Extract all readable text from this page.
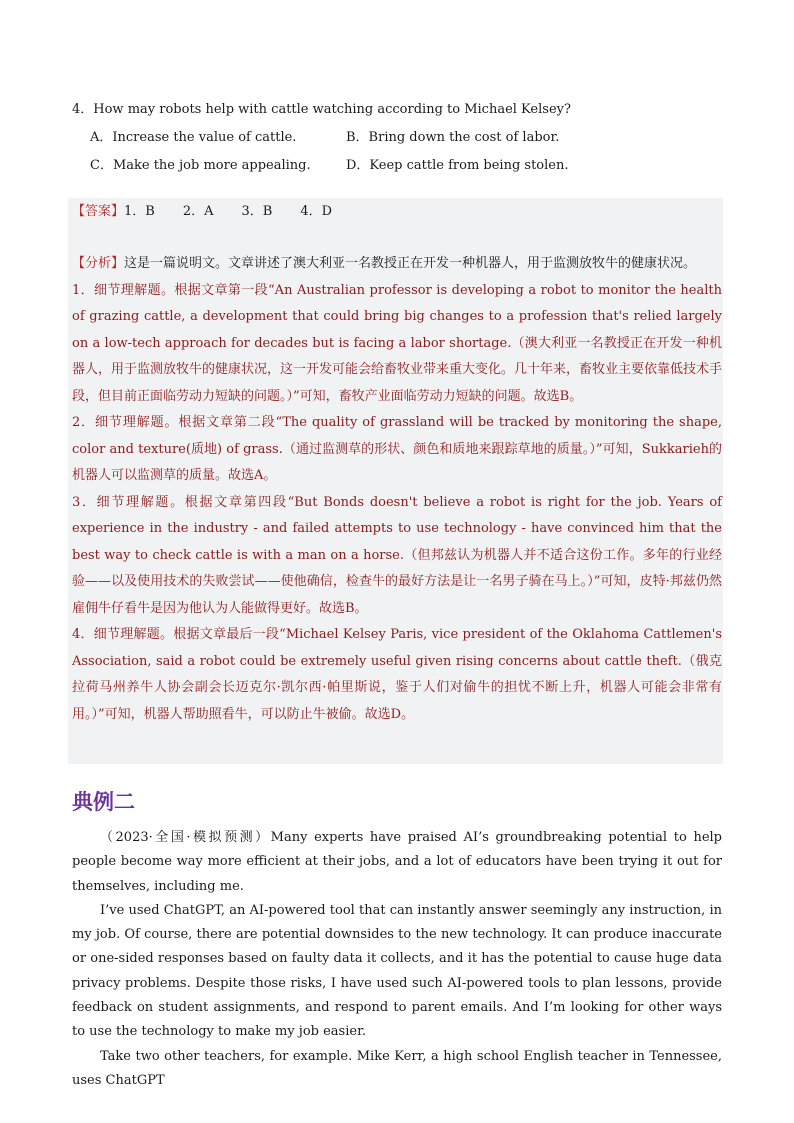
4．How may robots help with cattle watching according to Michael Kelsey?

A．Increase the value of cattle.	B．Bring down the cost of labor.
C．Make the job more appealing.	D．Keep cattle from being stolen.
【答案】1．B 2．A 3．B 4．D

【分析】这是一篇说明文。文章讲述了澳大利亚一名教授正在开发一种机器人，用于监测放牧牛的健康状况。

1．细节理解题。根据文章第一段“An Australian professor is developing a robot to monitor the health of grazing cattle, a development that could bring big changes to a profession that's relied largely on a low-tech approach for decades but is facing a labor shortage.（澳大利亚一名教授正在开发一种机器人，用于监测放牧牛的健康状况，这一开发可能会给畜牧业带来重大变化。几十年来，畜牧业主要依靠低技术手段，但目前正面临劳动力短缺的问题。）”可知，畜牧产业面临劳动力短缺的问题。故选B。

2．细节理解题。根据文章第二段“The quality of grassland will be tracked by monitoring the shape, color and texture(质地) of grass.（通过监测草的形状、颜色和质地来跟踪草地的质量。）”可知，Sukkarieh的机器人可以监测草的质量。故选A。

3．细节理解题。根据文章第四段“But Bonds doesn't believe a robot is right for the job. Years of experience in the industry - and failed attempts to use technology - have convinced him that the best way to check cattle is with a man on a horse.（但邦兹认为机器人并不适合这份工作。多年的行业经验——以及使用技术的失败尝试——使他确信，检查牛的最好方法是让一名男子骑在马上。）”可知，皮特·邦兹仍然雇佣牛仔看牛是因为他认为人能做得更好。故选B。

4．细节理解题。根据文章最后一段“Michael Kelsey Paris, vice president of the Oklahoma Cattlemen's Association, said a robot could be extremely useful given rising concerns about cattle theft.（俄克拉荷马州养牛人协会副会长迈克尔·凯尔西·帕里斯说，鉴于人们对偷牛的担忧不断上升，机器人可能会非常有用。）”可知，机器人帮助照看牛，可以防止牛被偷。故选D。

典例二

（2023·全国·模拟预测）Many experts have praised AI’s groundbreaking potential to help people become way more efficient at their jobs, and a lot of educators have been trying it out for themselves, including me.

I’ve used ChatGPT, an AI-powered tool that can instantly answer seemingly any instruction, in my job. Of course, there are potential downsides to the new technology. It can produce inaccurate or one-sided responses based on faulty data it collects, and it has the potential to cause huge data privacy problems. Despite those risks, I have used such AI-powered tools to plan lessons, provide feedback on student assignments, and respond to parent emails. And I’m looking for other ways to use the technology to make my job easier.

Take two other teachers, for example. Mike Kerr, a high school English teacher in Tennessee, uses ChatGPT
